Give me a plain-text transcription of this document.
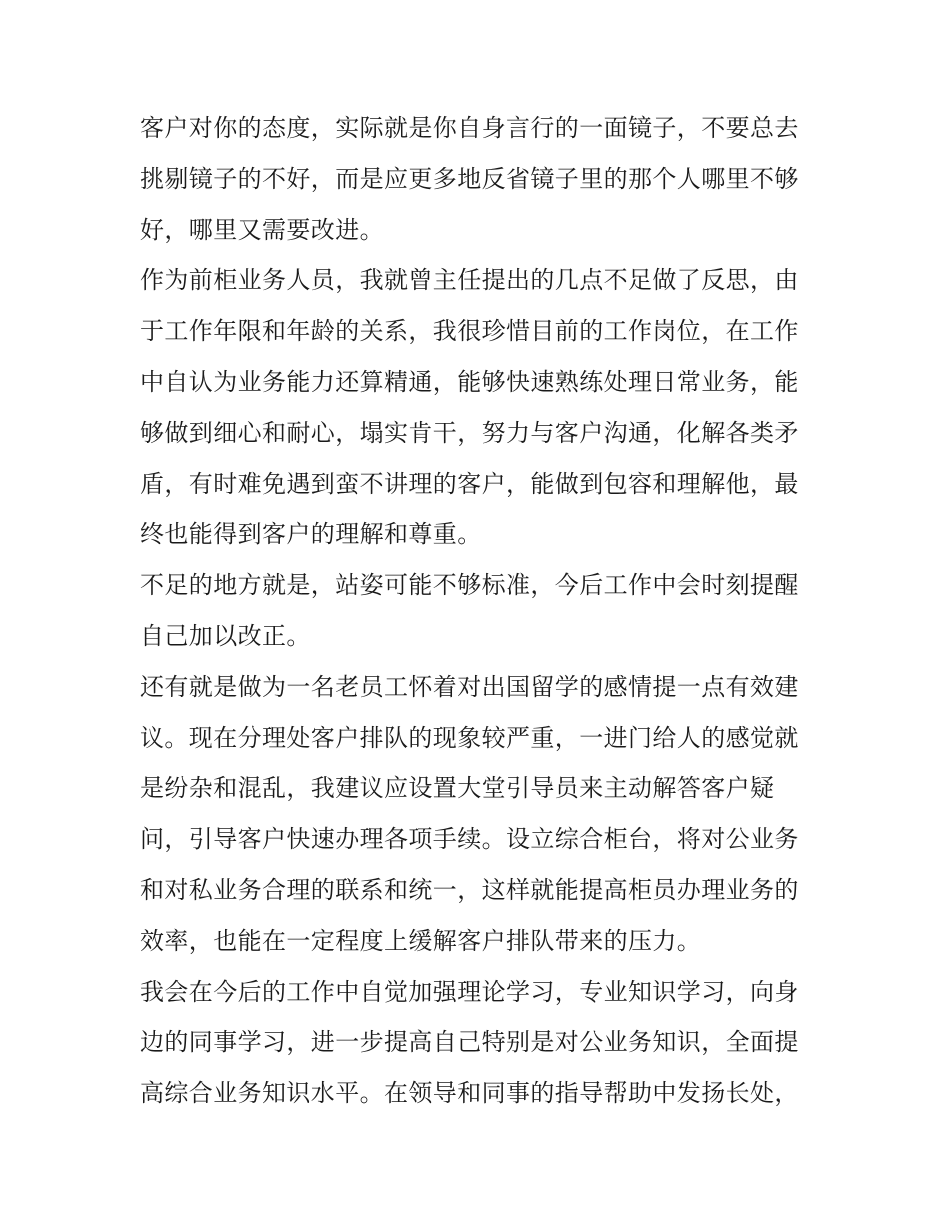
客户对你的态度，实际就是你自身言行的一面镜子，不要总去
挑剔镜子的不好，而是应更多地反省镜子里的那个人哪里不够
好，哪里又需要改进。
作为前柜业务人员，我就曾主任提出的几点不足做了反思，由
于工作年限和年龄的关系，我很珍惜目前的工作岗位，在工作
中自认为业务能力还算精通，能够快速熟练处理日常业务，能
够做到细心和耐心，塌实肯干，努力与客户沟通，化解各类矛
盾，有时难免遇到蛮不讲理的客户，能做到包容和理解他，最
终也能得到客户的理解和尊重。
不足的地方就是，站姿可能不够标准，今后工作中会时刻提醒
自己加以改正。
还有就是做为一名老员工怀着对出国留学的感情提一点有效建
议。现在分理处客户排队的现象较严重，一进门给人的感觉就
是纷杂和混乱，我建议应设置大堂引导员来主动解答客户疑
问，引导客户快速办理各项手续。设立综合柜台，将对公业务
和对私业务合理的联系和统一，这样就能提高柜员办理业务的
效率，也能在一定程度上缓解客户排队带来的压力。
我会在今后的工作中自觉加强理论学习，专业知识学习，向身
边的同事学习，进一步提高自己特别是对公业务知识，全面提
高综合业务知识水平。在领导和同事的指导帮助中发扬长处，
